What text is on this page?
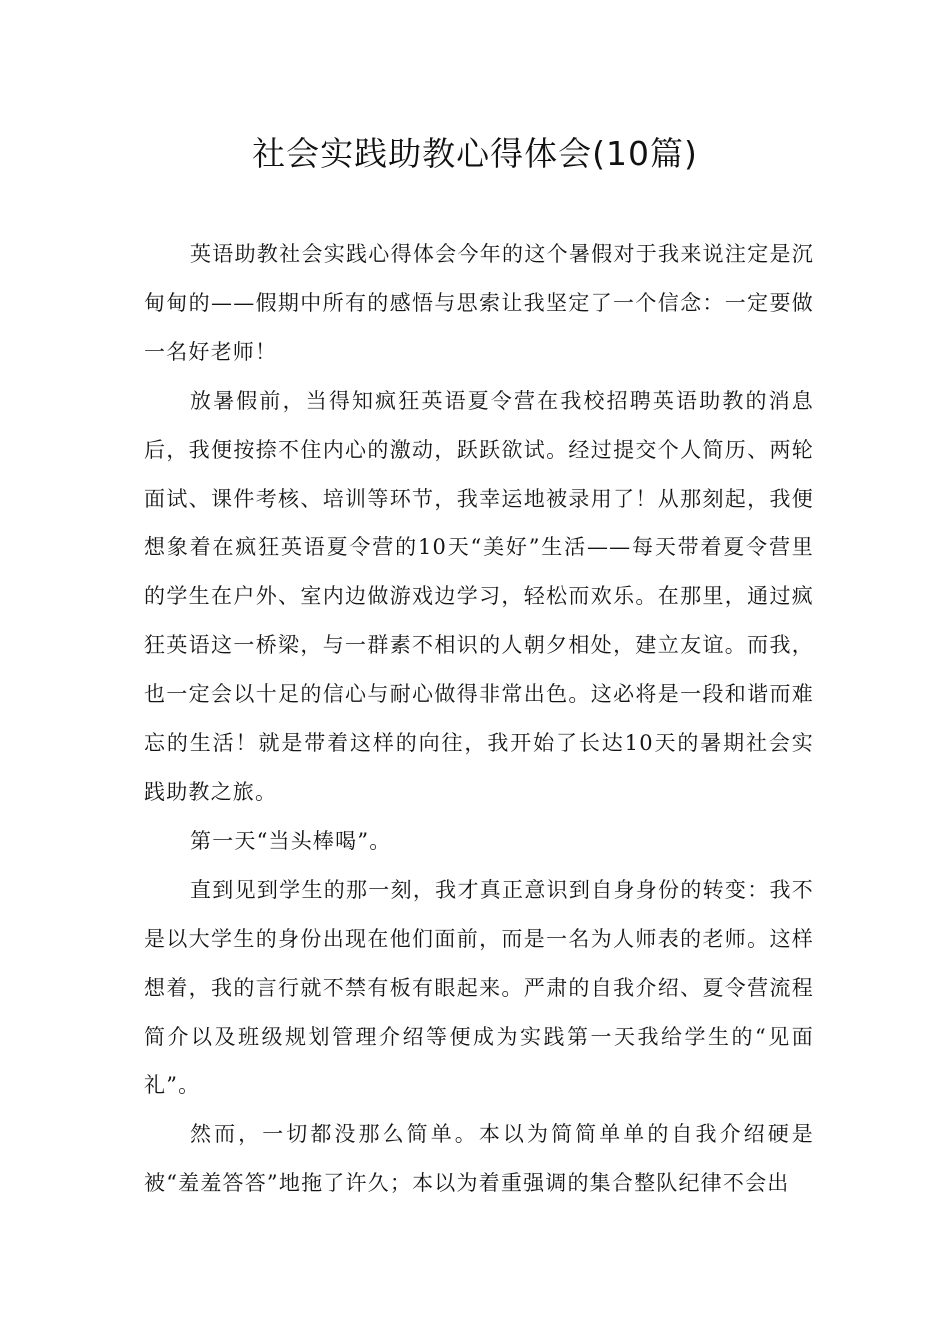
社会实践助教心得体会(10篇)

英语助教社会实践心得体会今年的这个暑假对于我来说注定是沉甸甸的——假期中所有的感悟与思索让我坚定了一个信念：一定要做一名好老师！

放暑假前，当得知疯狂英语夏令营在我校招聘英语助教的消息后，我便按捺不住内心的激动，跃跃欲试。经过提交个人简历、两轮面试、课件考核、培训等环节，我幸运地被录用了！从那刻起，我便想象着在疯狂英语夏令营的10天“美好”生活——每天带着夏令营里的学生在户外、室内边做游戏边学习，轻松而欢乐。在那里，通过疯狂英语这一桥梁，与一群素不相识的人朝夕相处，建立友谊。而我，也一定会以十足的信心与耐心做得非常出色。这必将是一段和谐而难忘的生活！就是带着这样的向往，我开始了长达10天的暑期社会实践助教之旅。

第一天“当头棒喝”。

直到见到学生的那一刻，我才真正意识到自身身份的转变：我不是以大学生的身份出现在他们面前，而是一名为人师表的老师。这样想着，我的言行就不禁有板有眼起来。严肃的自我介绍、夏令营流程简介以及班级规划管理介绍等便成为实践第一天我给学生的“见面礼”。

然而，一切都没那么简单。本以为简简单单的自我介绍硬是被“羞羞答答”地拖了许久；本以为着重强调的集合整队纪律不会出
